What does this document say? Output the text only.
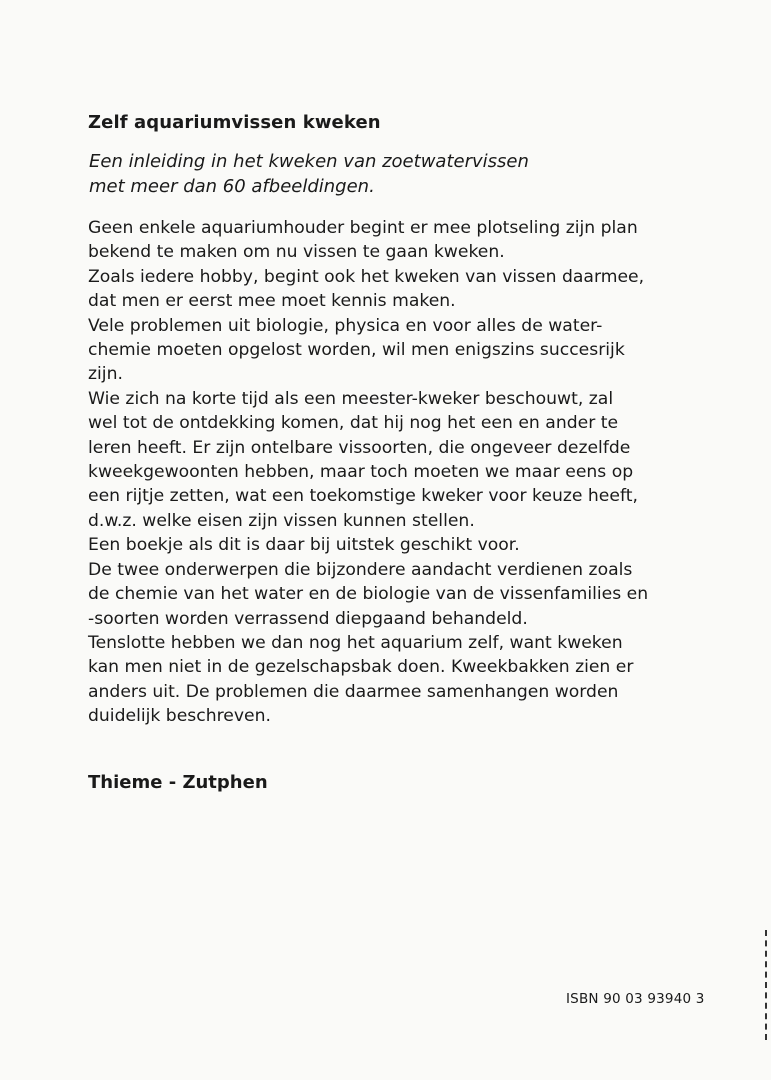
Zelf aquariumvissen kweken
Een inleiding in het kweken van zoetwatervissen
met meer dan 60 afbeeldingen.
Geen enkele aquariumhouder begint er mee plotseling zijn plan
bekend te maken om nu vissen te gaan kweken.
Zoals iedere hobby, begint ook het kweken van vissen daarmee,
dat men er eerst mee moet kennis maken.
Vele problemen uit biologie, physica en voor alles de water-
chemie moeten opgelost worden, wil men enigszins succesrijk
zijn.
Wie zich na korte tijd als een meester-kweker beschouwt, zal
wel tot de ontdekking komen, dat hij nog het een en ander te
leren heeft. Er zijn ontelbare vissoorten, die ongeveer dezelfde
kweekgewoonten hebben, maar toch moeten we maar eens op
een rijtje zetten, wat een toekomstige kweker voor keuze heeft,
d.w.z. welke eisen zijn vissen kunnen stellen.
Een boekje als dit is daar bij uitstek geschikt voor.
De twee onderwerpen die bijzondere aandacht verdienen zoals
de chemie van het water en de biologie van de vissenfamilies en
-soorten worden verrassend diepgaand behandeld.
Tenslotte hebben we dan nog het aquarium zelf, want kweken
kan men niet in de gezelschapsbak doen. Kweekbakken zien er
anders uit. De problemen die daarmee samenhangen worden
duidelijk beschreven.
Thieme - Zutphen
ISBN 90 03 93940 3
